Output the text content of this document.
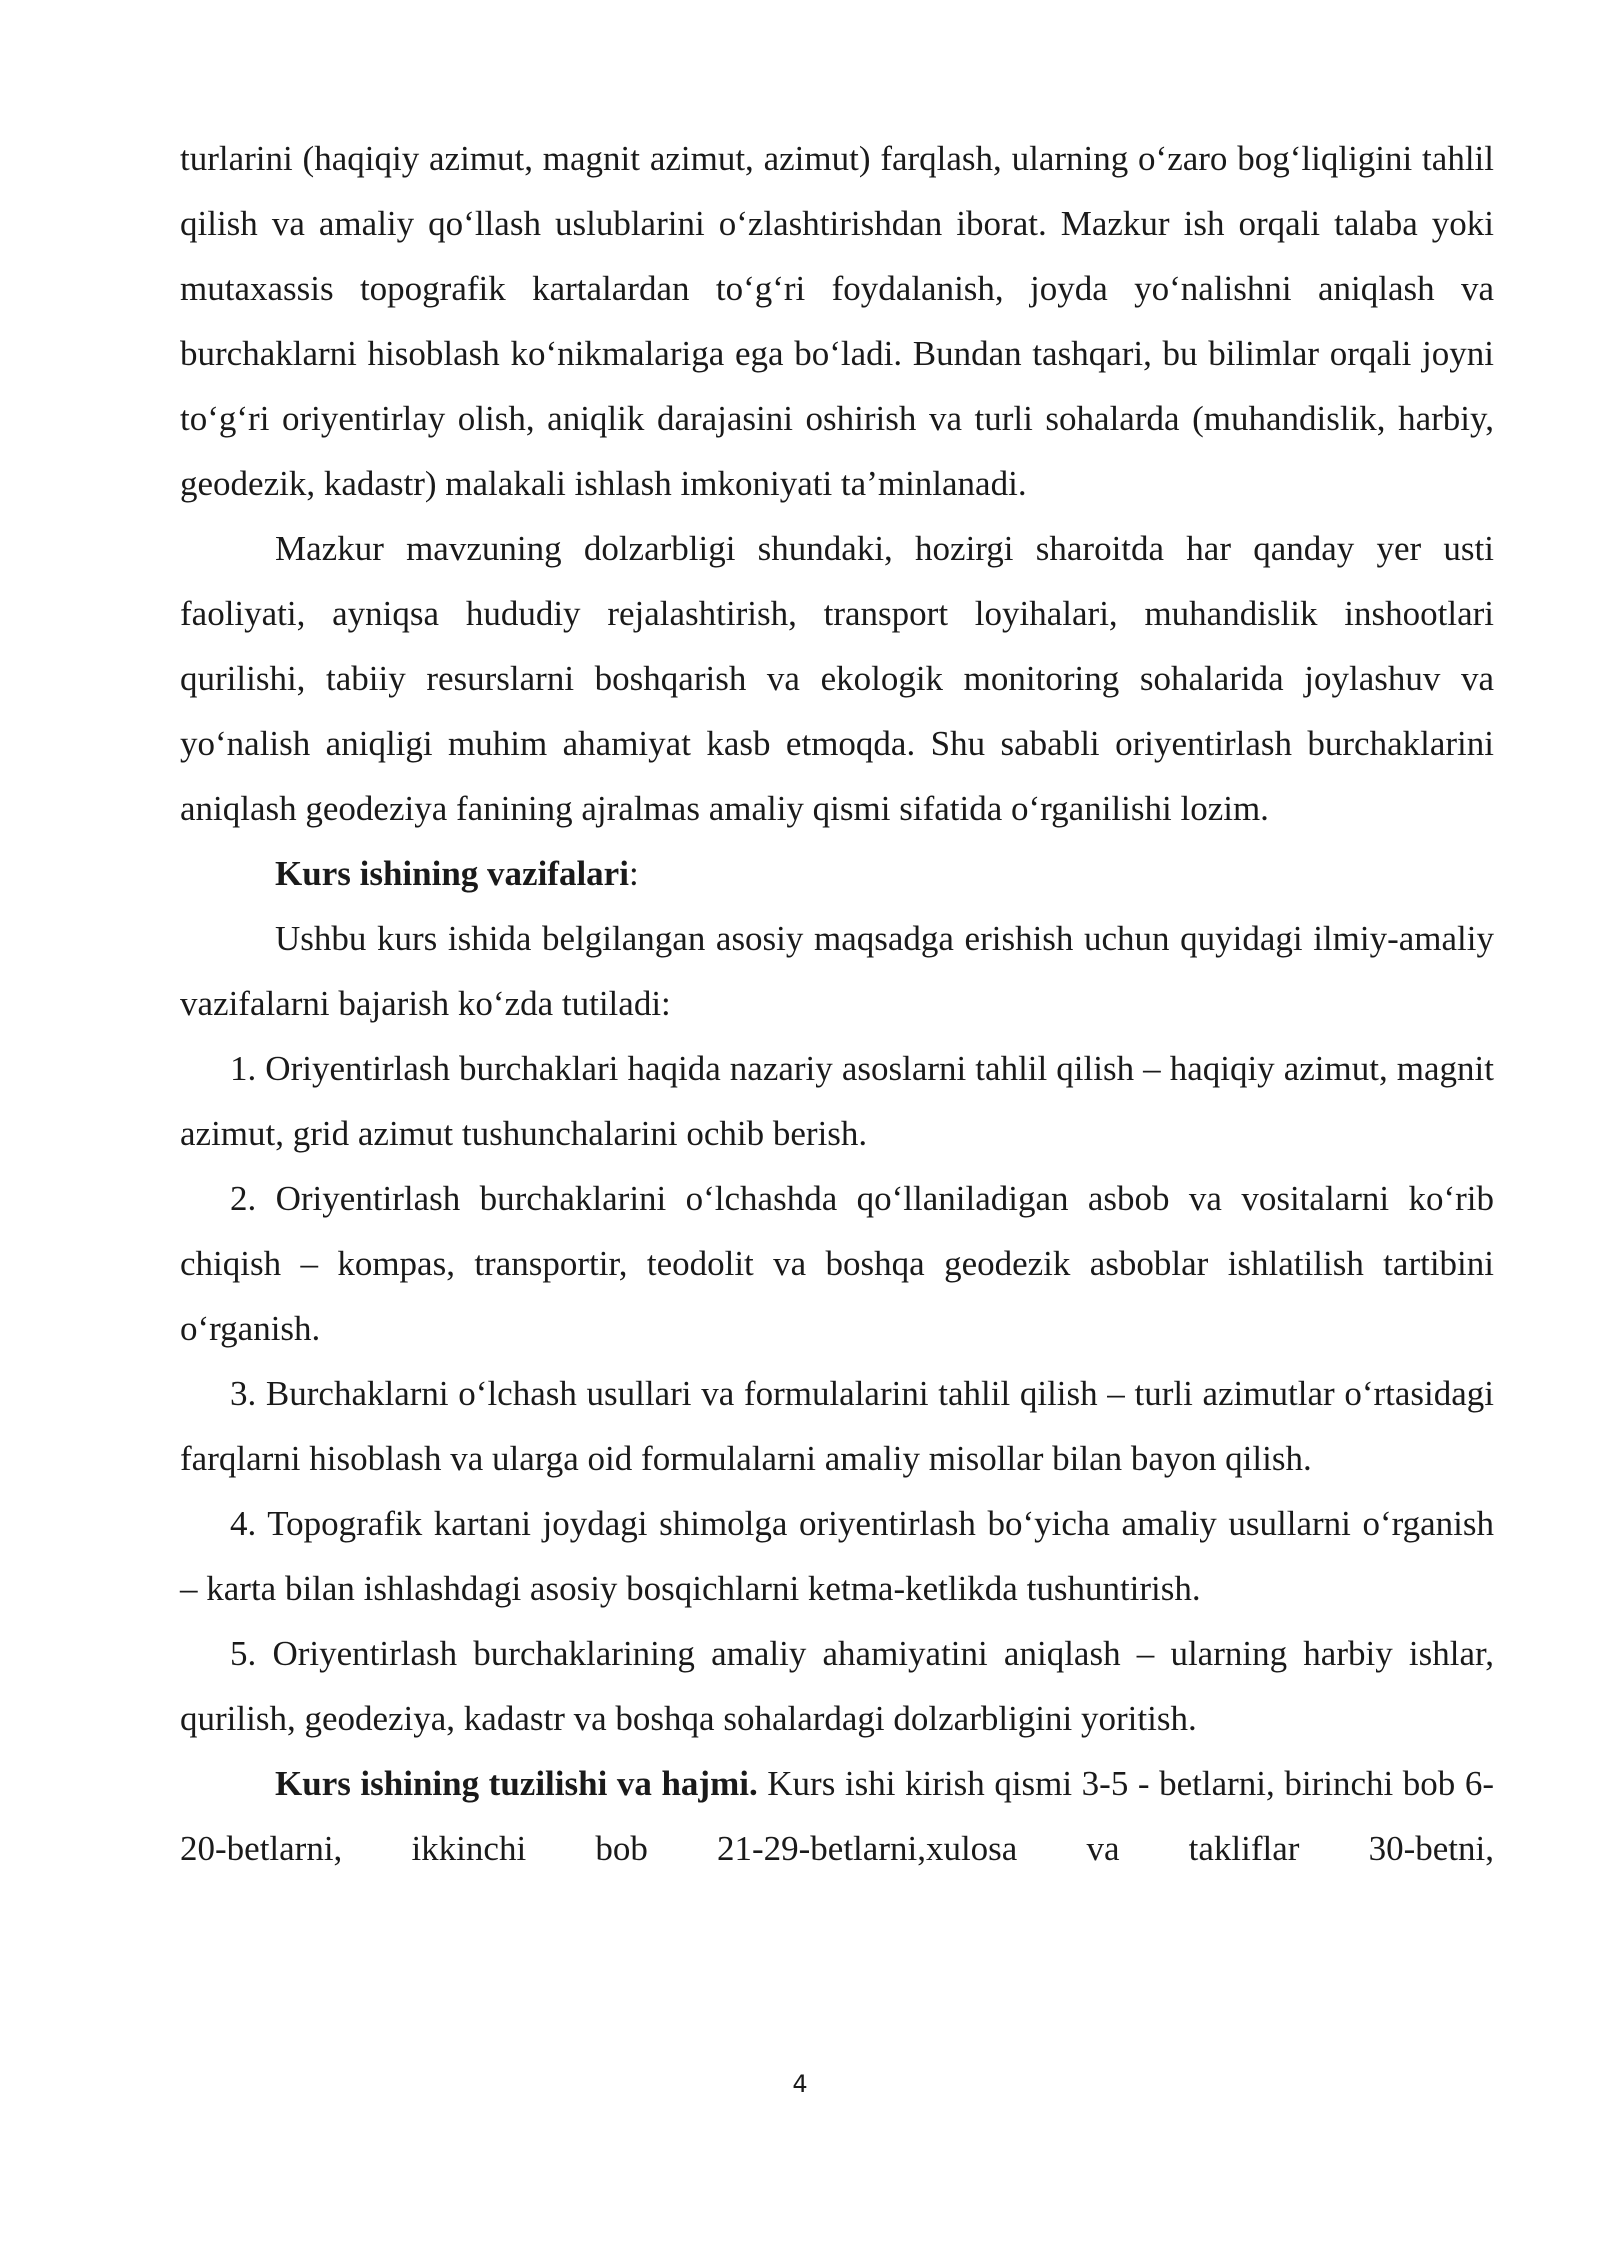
turlarini (haqiqiy azimut, magnit azimut, azimut) farqlash, ularning o‘zaro bog‘liqligini tahlil qilish va amaliy qo‘llash uslublarini o‘zlashtirishdan iborat. Mazkur ish orqali talaba yoki mutaxassis topografik kartalardan to‘g‘ri foydalanish, joyda yo‘nalishni aniqlash va burchaklarni hisoblash ko‘nikmalariga ega bo‘ladi. Bundan tashqari, bu bilimlar orqali joyni to‘g‘ri oriyentirlay olish, aniqlik darajasini oshirish va turli sohalarda (muhandislik, harbiy, geodezik, kadastr) malakali ishlash imkoniyati ta’minlanadi.

Mazkur mavzuning dolzarbligi shundaki, hozirgi sharoitda har qanday yer usti faoliyati, ayniqsa hududiy rejalashtirish, transport loyihalari, muhandislik inshootlari qurilishi, tabiiy resurslarni boshqarish va ekologik monitoring sohalarida joylashuv va yo‘nalish aniqligi muhim ahamiyat kasb etmoqda. Shu sababli oriyentirlash burchaklarini aniqlash geodeziya fanining ajralmas amaliy qismi sifatida o‘rganilishi lozim.

Kurs ishining vazifalari:

Ushbu kurs ishida belgilangan asosiy maqsadga erishish uchun quyidagi ilmiy-amaliy vazifalarni bajarish ko‘zda tutiladi:

1. Oriyentirlash burchaklari haqida nazariy asoslarni tahlil qilish – haqiqiy azimut, magnit azimut, grid azimut tushunchalarini ochib berish.

2. Oriyentirlash burchaklarini o‘lchashda qo‘llaniladigan asbob va vositalarni ko‘rib chiqish – kompas, transportir, teodolit va boshqa geodezik asboblar ishlatilish tartibini o‘rganish.

3. Burchaklarni o‘lchash usullari va formulalarini tahlil qilish – turli azimutlar o‘rtasidagi farqlarni hisoblash va ularga oid formulalarni amaliy misollar bilan bayon qilish.

4. Topografik kartani joydagi shimolga oriyentirlash bo‘yicha amaliy usullarni o‘rganish – karta bilan ishlashdagi asosiy bosqichlarni ketma-ketlikda tushuntirish.

5. Oriyentirlash burchaklarining amaliy ahamiyatini aniqlash – ularning harbiy ishlar, qurilish, geodeziya, kadastr va boshqa sohalardagi dolzarbligini yoritish.

Kurs ishining tuzilishi va hajmi. Kurs ishi kirish qismi 3-5 - betlarni, birinchi bob 6-20-betlarni, ikkinchi bob 21-29-betlarni,xulosa va takliflar 30-betni,

4
